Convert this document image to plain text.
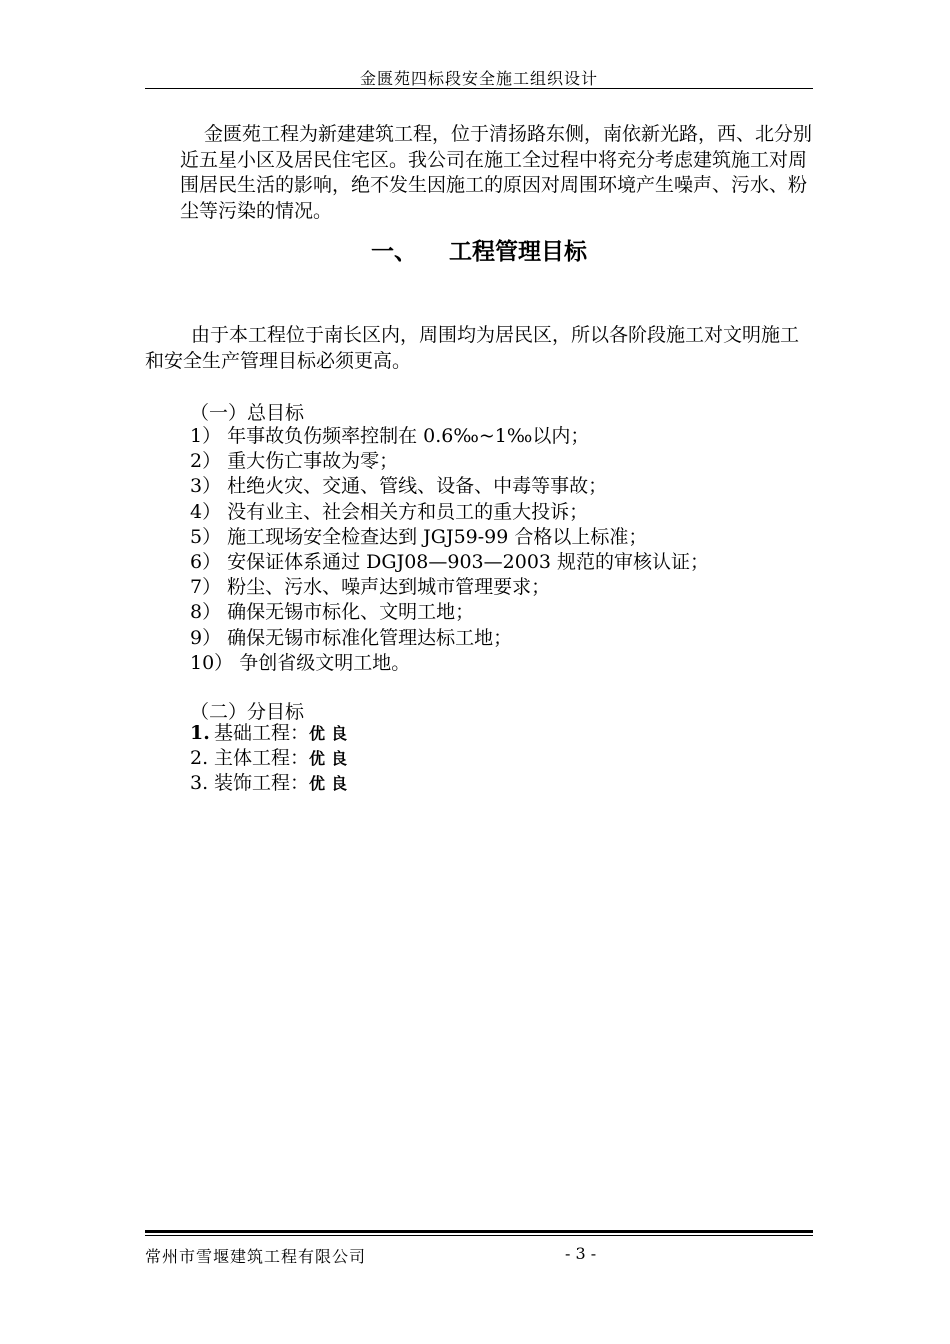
金匮苑四标段安全施工组织设计

金匮苑工程为新建建筑工程，位于清扬路东侧，南依新光路，西、北分别近五星小区及居民住宅区。我公司在施工全过程中将充分考虑建筑施工对周围居民生活的影响，绝不发生因施工的原因对周围环境产生噪声、污水、粉尘等污染的情况。

一、 工程管理目标

由于本工程位于南长区内，周围均为居民区，所以各阶段施工对文明施工和安全生产管理目标必须更高。

（一）总目标
1） 年事故负伤频率控制在 0.6‰~1‰以内；
2） 重大伤亡事故为零；
3） 杜绝火灾、交通、管线、设备、中毒等事故；
4） 没有业主、社会相关方和员工的重大投诉；
5） 施工现场安全检查达到 JGJ59-99 合格以上标准；
6） 安保证体系通过 DGJ08—903—2003 规范的审核认证；
7） 粉尘、污水、噪声达到城市管理要求；
8） 确保无锡市标化、文明工地；
9） 确保无锡市标准化管理达标工地；
10） 争创省级文明工地。
（二）分目标
1. 基础工程：优良
2. 主体工程：优良
3. 装饰工程：优良
常州市雪堰建筑工程有限公司	- 3 -
